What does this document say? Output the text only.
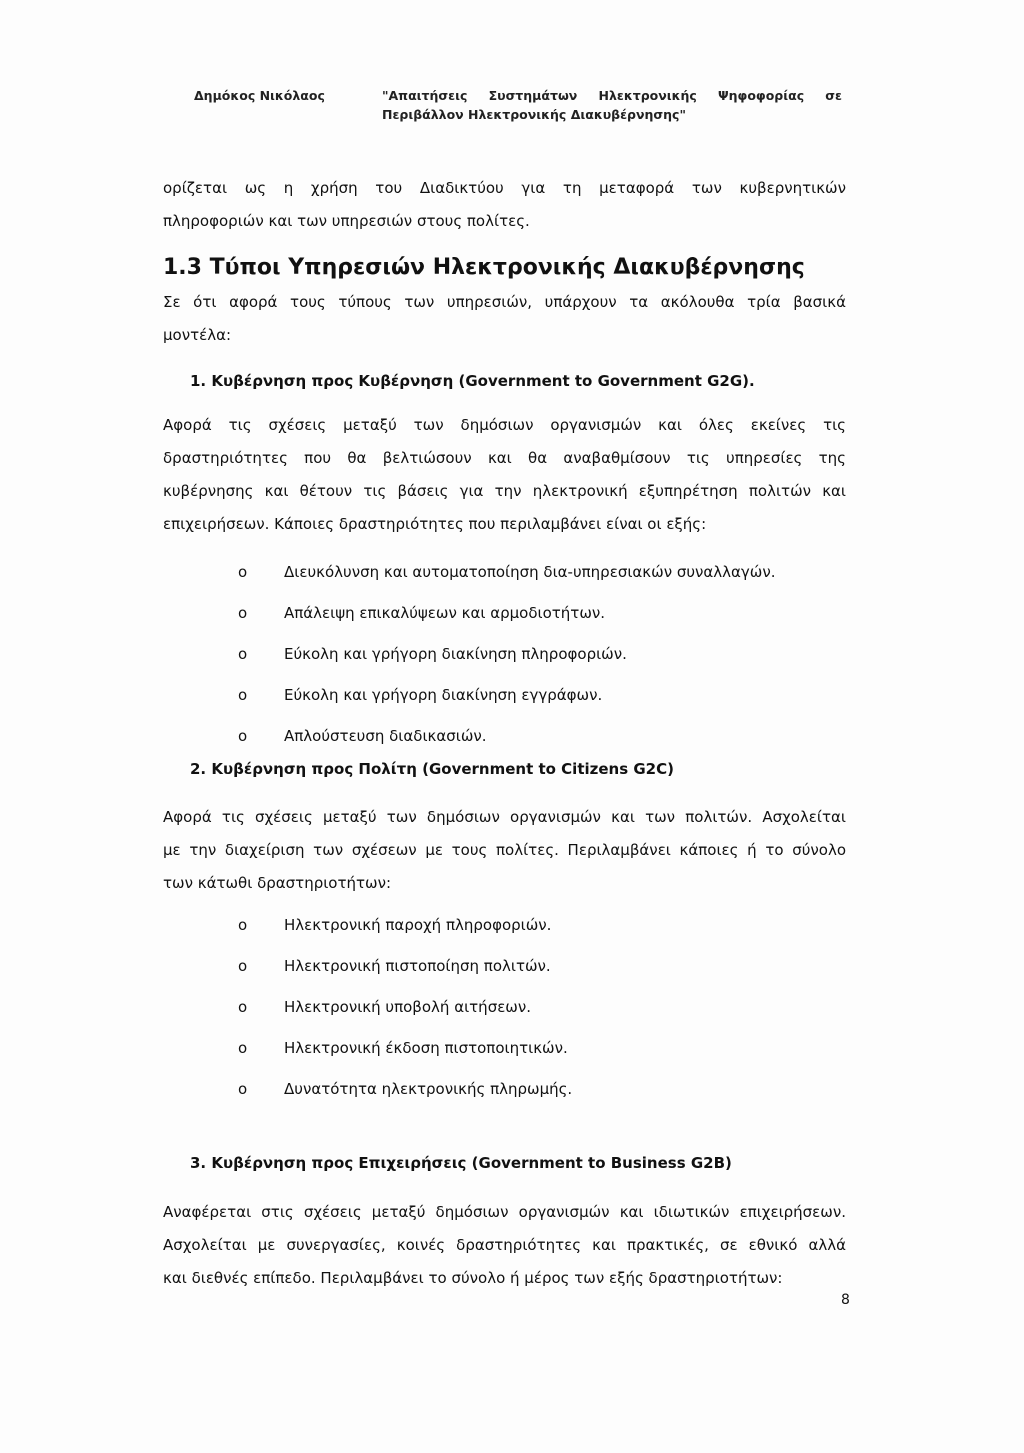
Δημόκος Νικόλαος	"Απαιτήσεις Συστημάτων Ηλεκτρονικής Ψηφοφορίας σε Περιβάλλον Ηλεκτρονικής Διακυβέρνησης"
ορίζεται ως η χρήση του Διαδικτύου για τη μεταφορά των κυβερνητικών
πληροφοριών και των υπηρεσιών στους πολίτες.
1.3 Τύποι Υπηρεσιών Ηλεκτρονικής Διακυβέρνησης
Σε ότι αφορά τους τύπους των υπηρεσιών, υπάρχουν τα ακόλουθα τρία βασικά
μοντέλα:
1. Κυβέρνηση προς Κυβέρνηση (Government to Government G2G).
Αφορά τις σχέσεις μεταξύ των δημόσιων οργανισμών και όλες εκείνες τις
δραστηριότητες που θα βελτιώσουν και θα αναβαθμίσουν τις υπηρεσίες της
κυβέρνησης και θέτουν τις βάσεις για την ηλεκτρονική εξυπηρέτηση πολιτών και
επιχειρήσεων. Κάποιες δραστηριότητες που περιλαμβάνει είναι οι εξής:
o Διευκόλυνση και αυτοματοποίηση δια-υπηρεσιακών συναλλαγών.
o Απάλειψη επικαλύψεων και αρμοδιοτήτων.
o Εύκολη και γρήγορη διακίνηση πληροφοριών.
o Εύκολη και γρήγορη διακίνηση εγγράφων.
o Απλούστευση διαδικασιών.
2. Κυβέρνηση προς Πολίτη (Government to Citizens G2C)
Αφορά τις σχέσεις μεταξύ των δημόσιων οργανισμών και των πολιτών. Ασχολείται
με την διαχείριση των σχέσεων με τους πολίτες. Περιλαμβάνει κάποιες ή το σύνολο
των κάτωθι δραστηριοτήτων:
o Ηλεκτρονική παροχή πληροφοριών.
o Ηλεκτρονική πιστοποίηση πολιτών.
o Ηλεκτρονική υποβολή αιτήσεων.
o Ηλεκτρονική έκδοση πιστοποιητικών.
o Δυνατότητα ηλεκτρονικής πληρωμής.
3. Κυβέρνηση προς Επιχειρήσεις (Government to Business G2B)
Αναφέρεται στις σχέσεις μεταξύ δημόσιων οργανισμών και ιδιωτικών επιχειρήσεων.
Ασχολείται με συνεργασίες, κοινές δραστηριότητες και πρακτικές, σε εθνικό αλλά
και διεθνές επίπεδο. Περιλαμβάνει το σύνολο ή μέρος των εξής δραστηριοτήτων:
8
